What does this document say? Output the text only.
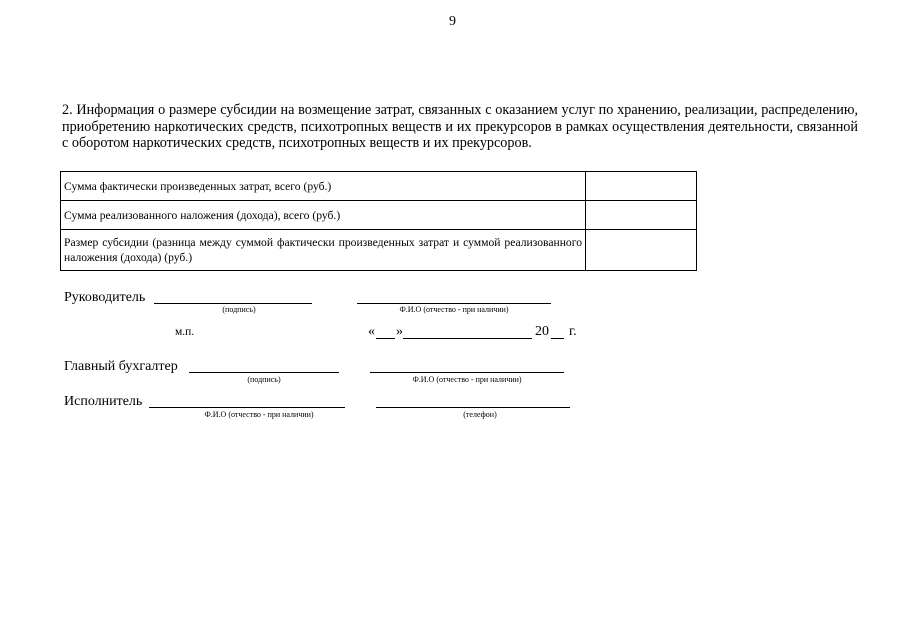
9
2. Информация о размере субсидии на возмещение затрат, связанных с оказанием услуг по хранению, реализации, распределению, приобретению наркотических средств, психотропных веществ и их прекурсоров в рамках осуществления деятельности, связанной с оборотом наркотических средств, психотропных веществ и их прекурсоров.
Сумма фактически произведенных затрат, всего (руб.)	
Сумма реализованного наложения (дохода), всего (руб.)	
Размер субсидии (разница между суммой фактически произведенных затрат и суммой реализованного наложения (дохода) (руб.)	
Руководитель
(подпись)	Ф.И.О (отчество - при наличии)
м.п.	« »	20 г.
Главный бухгалтер
(подпись)	Ф.И.О (отчество - при наличии)
Исполнитель
Ф.И.О (отчество - при наличии)	(телефон)
